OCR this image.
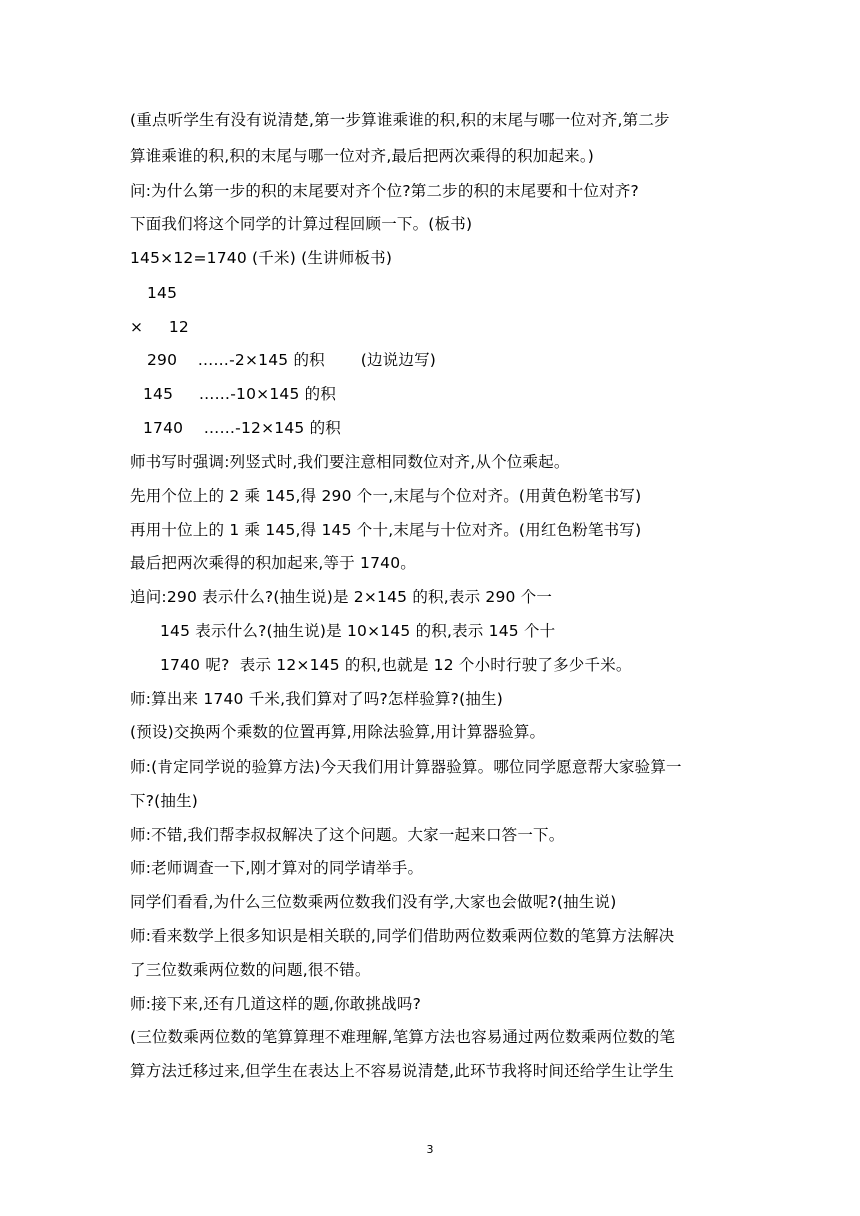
(重点听学生有没有说清楚,第一步算谁乘谁的积,积的末尾与哪一位对齐,第二步
算谁乘谁的积,积的末尾与哪一位对齐,最后把两次乘得的积加起来。)
问:为什么第一步的积的末尾要对齐个位?第二步的积的末尾要和十位对齐?
下面我们将这个同学的计算过程回顾一下。(板书)
145×12=1740 (千米) (生讲师板书)
145
×     12
290    ……-2×145 的积       (边说边写)
145     ……-10×145 的积
1740    ……-12×145 的积
师书写时强调:列竖式时,我们要注意相同数位对齐,从个位乘起。
先用个位上的 2 乘 145,得 290 个一,末尾与个位对齐。(用黄色粉笔书写)
再用十位上的 1 乘 145,得 145 个十,末尾与十位对齐。(用红色粉笔书写)
最后把两次乘得的积加起来,等于 1740。
追问:290 表示什么?(抽生说)是 2×145 的积,表示 290 个一
145 表示什么?(抽生说)是 10×145 的积,表示 145 个十
1740 呢?  表示 12×145 的积,也就是 12 个小时行驶了多少千米。
师:算出来 1740 千米,我们算对了吗?怎样验算?(抽生)
(预设)交换两个乘数的位置再算,用除法验算,用计算器验算。
师:(肯定同学说的验算方法)今天我们用计算器验算。哪位同学愿意帮大家验算一
下?(抽生)
师:不错,我们帮李叔叔解决了这个问题。大家一起来口答一下。
师:老师调查一下,刚才算对的同学请举手。
同学们看看,为什么三位数乘两位数我们没有学,大家也会做呢?(抽生说)
师:看来数学上很多知识是相关联的,同学们借助两位数乘两位数的笔算方法解决
了三位数乘两位数的问题,很不错。
师:接下来,还有几道这样的题,你敢挑战吗?
(三位数乘两位数的笔算算理不难理解,笔算方法也容易通过两位数乘两位数的笔
算方法迁移过来,但学生在表达上不容易说清楚,此环节我将时间还给学生让学生
3
